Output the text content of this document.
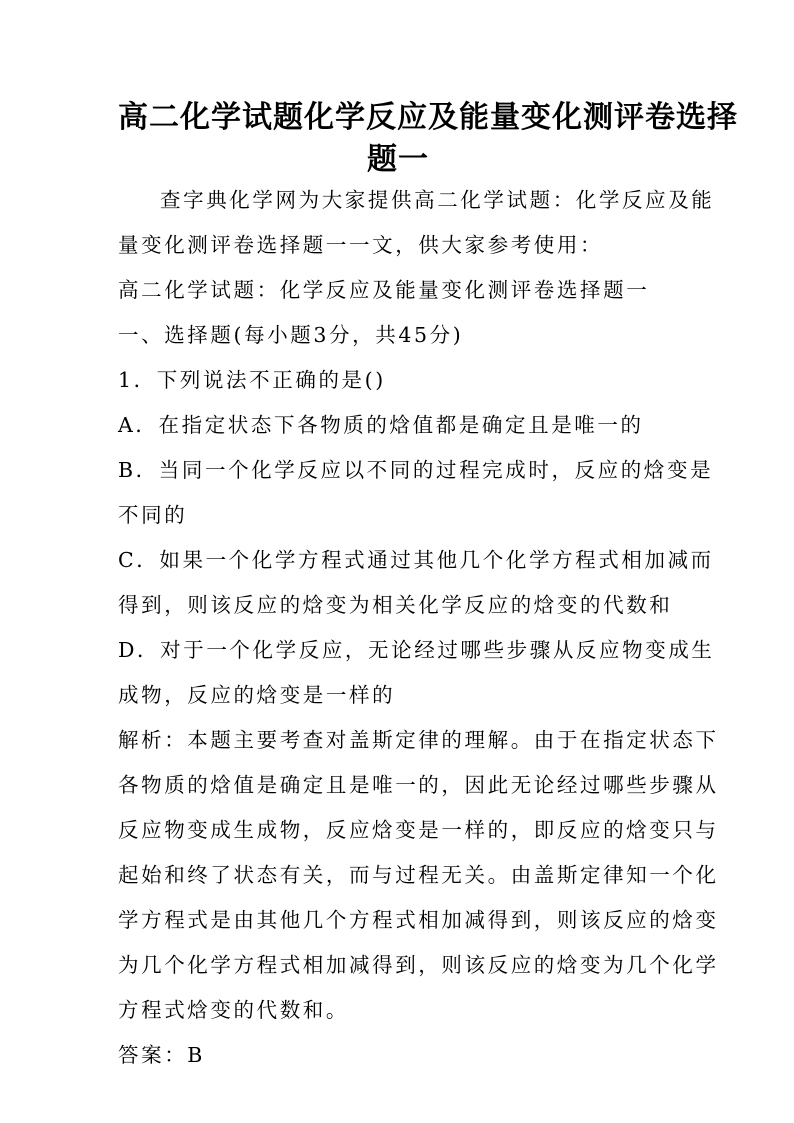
高二化学试题化学反应及能量变化测评卷选择
题一
查字典化学网为大家提供高二化学试题：化学反应及能
量变化测评卷选择题一一文，供大家参考使用：
高二化学试题：化学反应及能量变化测评卷选择题一
一、选择题(每小题3分，共45分)
1．下列说法不正确的是()
A．在指定状态下各物质的焓值都是确定且是唯一的
B．当同一个化学反应以不同的过程完成时，反应的焓变是
不同的
C．如果一个化学方程式通过其他几个化学方程式相加减而
得到，则该反应的焓变为相关化学反应的焓变的代数和
D．对于一个化学反应，无论经过哪些步骤从反应物变成生
成物，反应的焓变是一样的
解析：本题主要考查对盖斯定律的理解。由于在指定状态下
各物质的焓值是确定且是唯一的，因此无论经过哪些步骤从
反应物变成生成物，反应焓变是一样的，即反应的焓变只与
起始和终了状态有关，而与过程无关。由盖斯定律知一个化
学方程式是由其他几个方程式相加减得到，则该反应的焓变
为几个化学方程式相加减得到，则该反应的焓变为几个化学
方程式焓变的代数和。
答案：B
